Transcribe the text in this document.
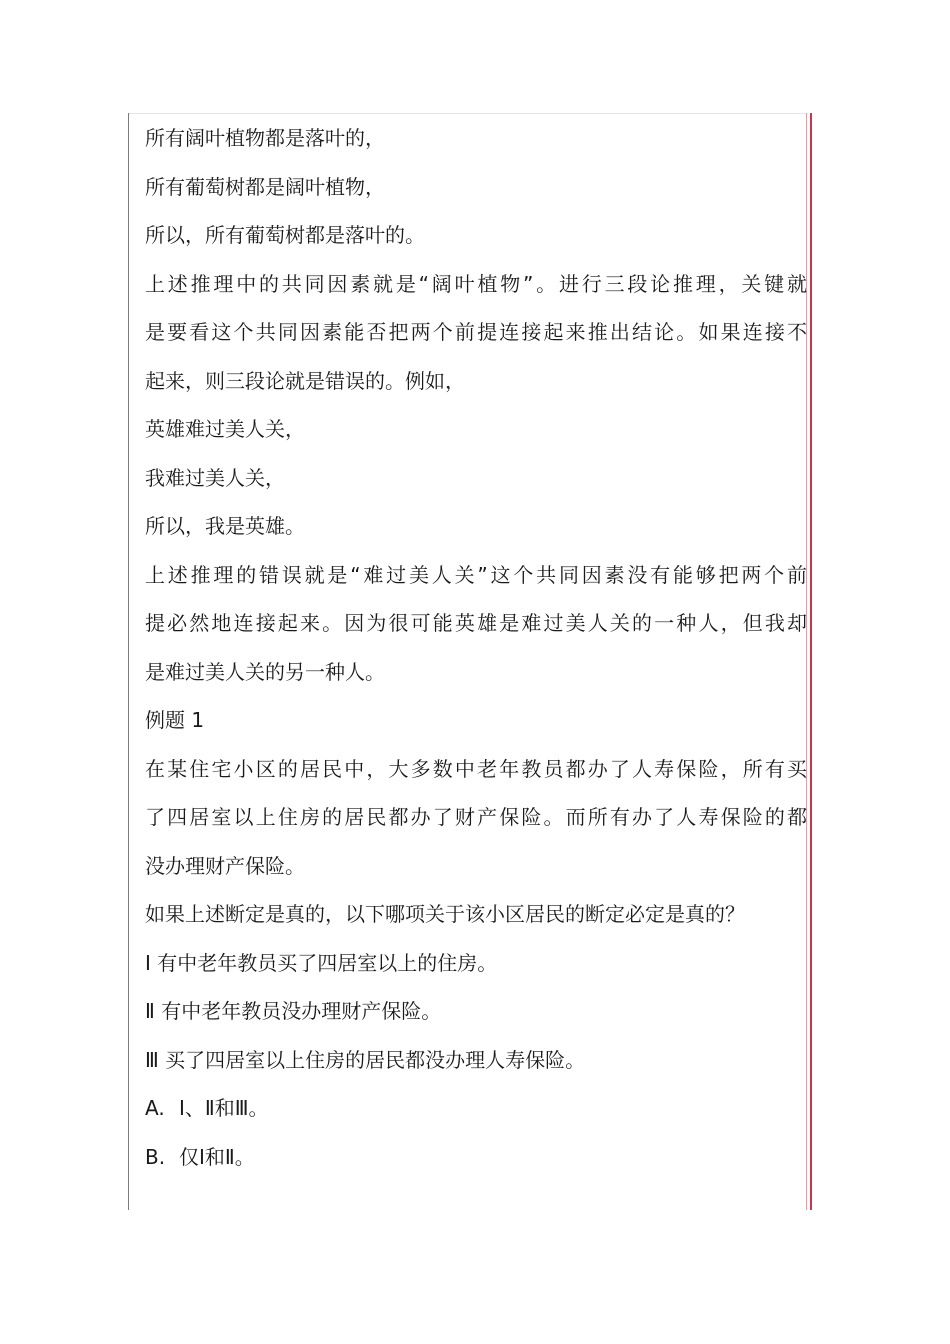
所有阔叶植物都是落叶的，
所有葡萄树都是阔叶植物，
所以，所有葡萄树都是落叶的。
上述推理中的共同因素就是“阔叶植物”。进行三段论推理，关键就
是要看这个共同因素能否把两个前提连接起来推出结论。如果连接不
起来，则三段论就是错误的。例如，
英雄难过美人关，
我难过美人关，
所以，我是英雄。
上述推理的错误就是“难过美人关”这个共同因素没有能够把两个前
提必然地连接起来。因为很可能英雄是难过美人关的一种人，但我却
是难过美人关的另一种人。
例题 1
在某住宅小区的居民中，大多数中老年教员都办了人寿保险，所有买
了四居室以上住房的居民都办了财产保险。而所有办了人寿保险的都
没办理财产保险。
如果上述断定是真的，以下哪项关于该小区居民的断定必定是真的？
Ⅰ 有中老年教员买了四居室以上的住房。
Ⅱ 有中老年教员没办理财产保险。
Ⅲ 买了四居室以上住房的居民都没办理人寿保险。
A. Ⅰ、Ⅱ和Ⅲ。
B. 仅Ⅰ和Ⅱ。
